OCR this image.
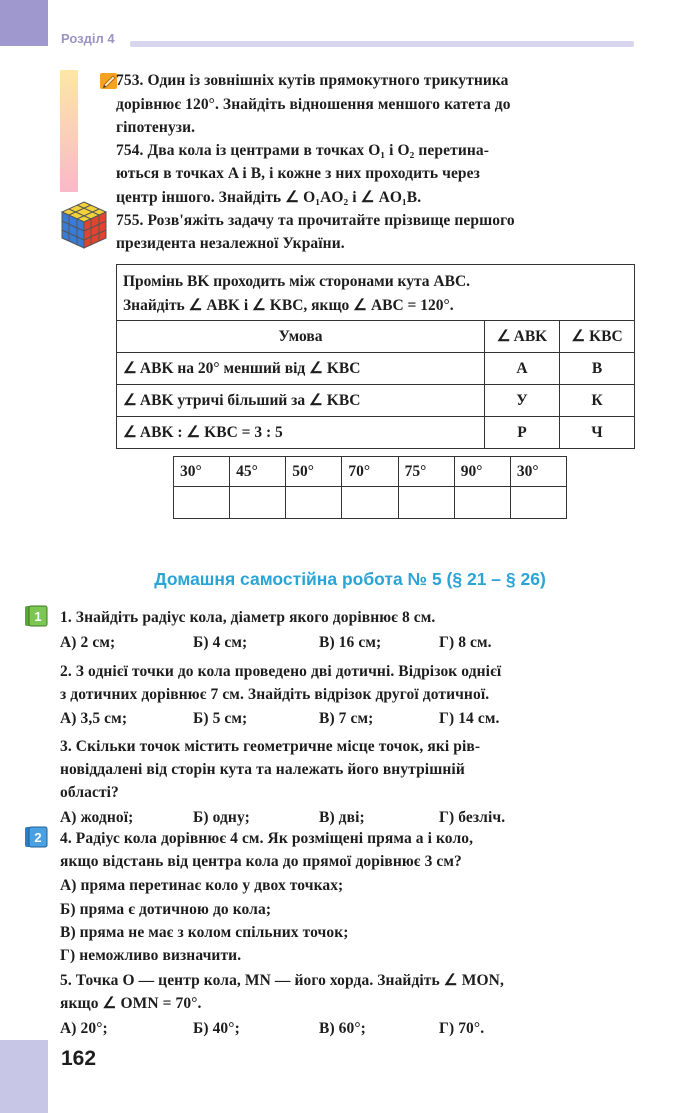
Розділ 4
753. Один із зовнішніх кутів прямокутного трикутника
дорівнює 120°. Знайдіть відношення меншого катета до
гіпотенузи.
754. Два кола із центрами в точках O₁ і O₂ перетина-
ються в точках A і B, і кожне з них проходить через
центр іншого. Знайдіть ∠ O₁AO₂ і ∠ AO₁B.
755. Розв'яжіть задачу та прочитайте прізвище першого
президента незалежної України.
Промінь BK проходить між сторонами кута ABC.
Знайдіть ∠ ABK і ∠ KBC, якщо ∠ ABC = 120°.		

Умова	∠ ABK	∠ KBC
∠ ABK на 20° менший від ∠ KBC	А	В
∠ ABK утричі більший за ∠ KBC	У	К
∠ ABK : ∠ KBC = 3 : 5	Р	Ч
30°	45°	50°	70°	75°	90°	30°

Домашня самостійна робота № 5 (§ 21 – § 26)
1 1. Знайдіть радіус кола, діаметр якого дорівнює 8 см.
А) 2 см;	Б) 4 см;	В) 16 см;	Г) 8 см.
2. З однієї точки до кола проведено дві дотичні. Відрізок однієї
з дотичних дорівнює 7 см. Знайдіть відрізок другої дотичної.
А) 3,5 см;	Б) 5 см;	В) 7 см;	Г) 14 см.
3. Скільки точок містить геометричне місце точок, які рів-
новіддалені від сторін кута та належать його внутрішній
області?
А) жодної;	Б) одну;	В) дві;	Г) безліч.
2 4. Радіус кола дорівнює 4 см. Як розміщені пряма a і коло,
якщо відстань від центра кола до прямої дорівнює 3 см?
А) пряма перетинає коло у двох точках;
Б) пряма є дотичною до кола;
В) пряма не має з колом спільних точок;
Г) неможливо визначити.
5. Точка O — центр кола, MN — його хорда. Знайдіть ∠ MON,
якщо ∠ OMN = 70°.
А) 20°;	Б) 40°;	В) 60°;	Г) 70°.
162
